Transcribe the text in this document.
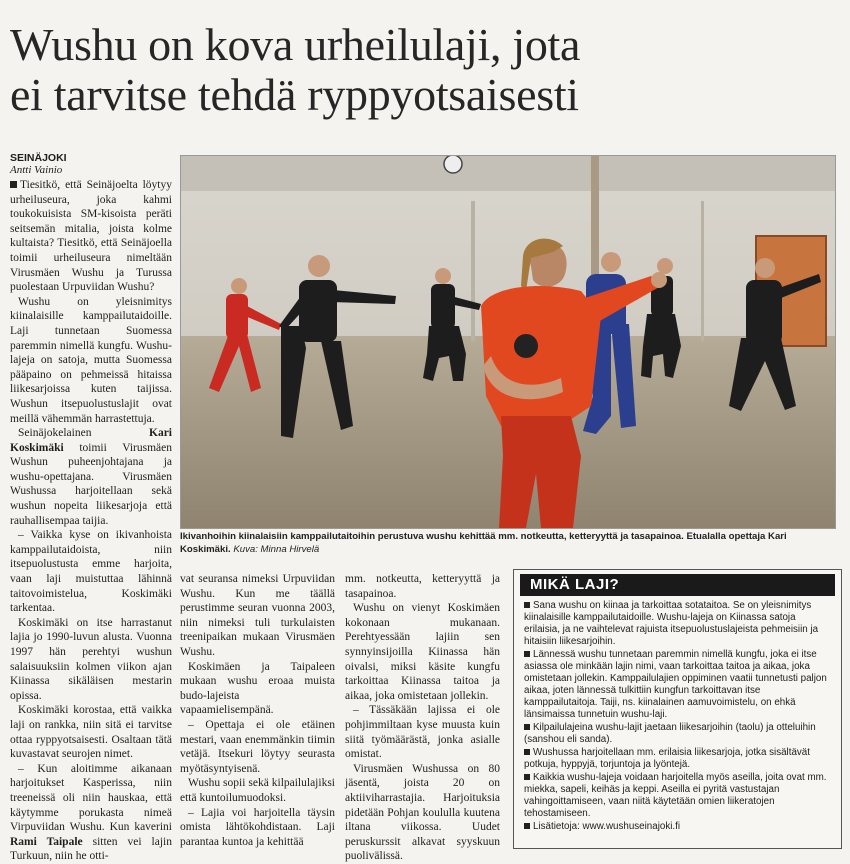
Wushu on kova urheilulaji, jota
ei tarvitse tehdä ryppyotsaisesti
SEINÄJOKI
Antti Vainio

Tiesitkö, että Seinäjoelta löytyy urheiluseura, joka kahmi toukokuisista SM-kisoista peräti seitsemän mitalia, joista kolme kultaista? Tiesitkö, että Seinäjoella toimii urheiluseura nimeltään Virusmäen Wushu ja Turussa puolestaan Urpuviidan Wushu?

Wushu on yleisnimitys kiinalaisille kamppailutaidoille. Laji tunnetaan Suomessa paremmin nimellä kungfu. Wushu-lajeja on satoja, mutta Suomessa pääpaino on pehmeissä hitaissa liikesarjoissa kuten taijissa. Wushun itsepuolustuslajit ovat meillä vähemmän harrastettuja.

Seinäjokelainen Kari Koskimäki toimii Virusmäen Wushun puheenjohtajana ja wushu-opettajana. Virusmäen Wushussa harjoitellaan sekä wushun nopeita liikesarjoja että rauhallisempaa taijia.

– Vaikka kyse on ikivanhoista kamppailutaidoista, niin itsepuolustusta emme harjoita, vaan laji muistuttaa lähinnä taitovoimistelua, Koskimäki tarkentaa.

Koskimäki on itse harrastanut lajia jo 1990-luvun alusta. Vuonna 1997 hän perehtyi wushun salaisuuksiin kolmen viikon ajan Kiinassa sikäläisen mestarin opissa.

Koskimäki korostaa, että vaikka laji on rankka, niin sitä ei tarvitse ottaa ryppyotsaisesti. Osaltaan tätä kuvastavat seurojen nimet.

– Kun aloitimme aikanaan harjoitukset Kasperissa, niin treeneissä oli niin hauskaa, että käytymme porukasta nimeä Virpuviidan Wushu. Kun kaverini Rami Taipale sitten vei lajin Turkuun, niin he otti-

Ikivanhoihin kiinalaisiin kamppailutaitoihin perustuva wushu kehittää mm. notkeutta, ketteryyttä ja tasapainoa. Etualalla opettaja Kari Koskimäki. Kuva: Minna Hirvelä

vat seuransa nimeksi Urpuviidan Wushu. Kun me täällä perustimme seuran vuonna 2003, niin nimeksi tuli turkulaisten treenipaikan mukaan Virusmäen Wushu.

Koskimäen ja Taipaleen mukaan wushu eroaa muista budo-lajeista vapaamielisempänä.

– Opettaja ei ole etäinen mestari, vaan enemmänkin tiimin vetäjä. Itsekuri löytyy seurasta myötäsyntyisenä.

Wushu sopii sekä kilpailulajiksi että kuntoilumuodoksi.

– Lajia voi harjoitella täysin omista lähtökohdistaan. Laji parantaa kuntoa ja kehittää

mm. notkeutta, ketteryyttä ja tasapainoa.

Wushu on vienyt Koskimäen kokonaan mukanaan. Perehtyessään lajiin sen synnyinsijoilla Kiinassa hän oivalsi, miksi käsite kungfu tarkoittaa Kiinassa taitoa ja aikaa, joka omistetaan jollekin.

– Tässäkään lajissa ei ole pohjimmiltaan kyse muusta kuin siitä työmäärästä, jonka asialle omistat.

Virusmäen Wushussa on 80 jäsentä, joista 20 on aktiiviharrastajia. Harjoituksia pidetään Pohjan koululla kuutena iltana viikossa. Uudet peruskurssit alkavat syyskuun puolivälissä.

MIKÄ LAJI?

Sana wushu on kiinaa ja tarkoittaa sotataitoa. Se on yleisnimitys kiinalaisille kamppailutaidoille. Wushu-lajeja on Kiinassa satoja erilaisia, ja ne vaihtelevat rajuista itsepuolustuslajeista pehmeisiin ja hitaisiin liikesarjoihin.

Lännessä wushu tunnetaan paremmin nimellä kungfu, joka ei itse asiassa ole minkään lajin nimi, vaan tarkoittaa taitoa ja aikaa, joka omistetaan jollekin. Kamppailulajien oppiminen vaatii tunnetusti paljon aikaa, joten lännessä tulkittiin kungfun tarkoittavan itse kamppailutaitoja. Taiji, ns. kiinalainen aamuvoimistelu, on ehkä länsimaissa tunnetuin wushu-laji.

Kilpailulajeina wushu-lajit jaetaan liikesarjoihin (taolu) ja otteluihin (sanshou eli sanda).

Wushussa harjoitellaan mm. erilaisia liikesarjoja, jotka sisältävät potkuja, hyppyjä, torjuntoja ja lyöntejä.

Kaikkia wushu-lajeja voidaan harjoitella myös aseilla, joita ovat mm. miekka, sapeli, keihäs ja keppi. Aseilla ei pyritä vastustajan vahingoittamiseen, vaan niitä käytetään omien liikeratojen tehostamiseen.

Lisätietoja: www.wushuseinajoki.fi
